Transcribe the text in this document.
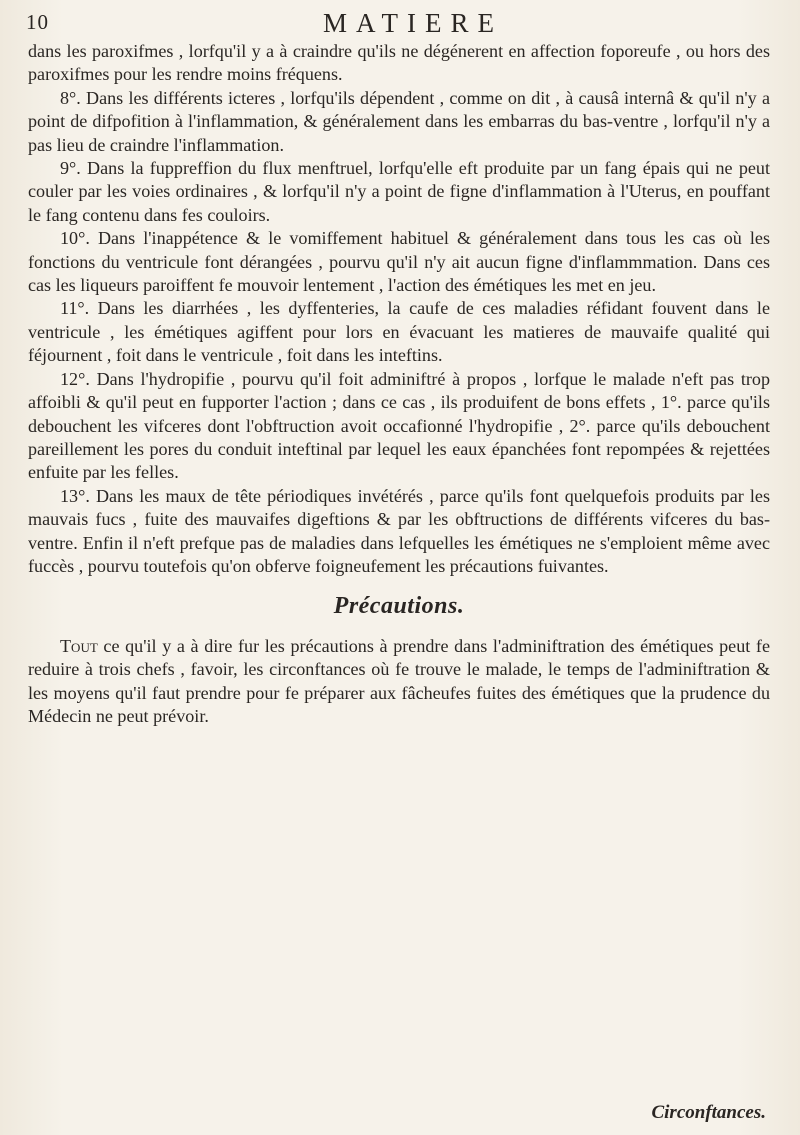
10	MATIERE

dans les paroxifmes , lorfqu'il y a à craindre qu'ils ne dégénerent en affection foporeufe , ou hors des paroxifmes pour les rendre moins fréquens.

8°. Dans les différents icteres , lorfqu'ils dépendent , comme on dit , à causâ internâ & qu'il n'y a point de difpofition à l'inflammation, & généralement dans les embarras du bas-ventre , lorfqu'il n'y a pas lieu de craindre l'inflammation.

9°. Dans la fuppreffion du flux menftruel, lorfqu'elle eft produite par un fang épais qui ne peut couler par les voies ordinaires , & lorfqu'il n'y a point de figne d'inflammation à l'Uterus, en pouffant le fang contenu dans fes couloirs.

10°. Dans l'inappétence & le vomiffement habituel & généralement dans tous les cas où les fonctions du ventricule font dérangées , pourvu qu'il n'y ait aucun figne d'inflammmation. Dans ces cas les liqueurs paroiffent fe mouvoir lentement , l'action des émétiques les met en jeu.

11°. Dans les diarrhées , les dyffenteries, la caufe de ces maladies réfidant fouvent dans le ventricule , les émétiques agiffent pour lors en évacuant les matieres de mauvaife qualité qui féjournent , foit dans le ventricule , foit dans les inteftins.

12°. Dans l'hydropifie , pourvu qu'il foit adminiftré à propos , lorfque le malade n'eft pas trop affoibli & qu'il peut en fupporter l'action ; dans ce cas , ils produifent de bons effets , 1°. parce qu'ils debouchent les vifceres dont l'obftruction avoit occafionné l'hydropifie , 2°. parce qu'ils debouchent pareillement les pores du conduit inteftinal par lequel les eaux épanchées font repompées & rejettées enfuite par les felles.

13°. Dans les maux de tête périodiques invétérés , parce qu'ils font quelquefois produits par les mauvais fucs , fuite des mauvaifes digeftions & par les obftructions de différents vifceres du bas-ventre. Enfin il n'eft prefque pas de maladies dans lefquelles les émétiques ne s'emploient même avec fuccès , pourvu toutefois qu'on obferve foigneufement les précautions fuivantes.

Précautions.

Tout ce qu'il y a à dire fur les précautions à prendre dans l'adminiftration des émétiques peut fe reduire à trois chefs , favoir, les circonftances où fe trouve le malade, le temps de l'adminiftration & les moyens qu'il faut prendre pour fe préparer aux fâcheufes fuites des émétiques que la prudence du Médecin ne peut prévoir.

Circonftances.
